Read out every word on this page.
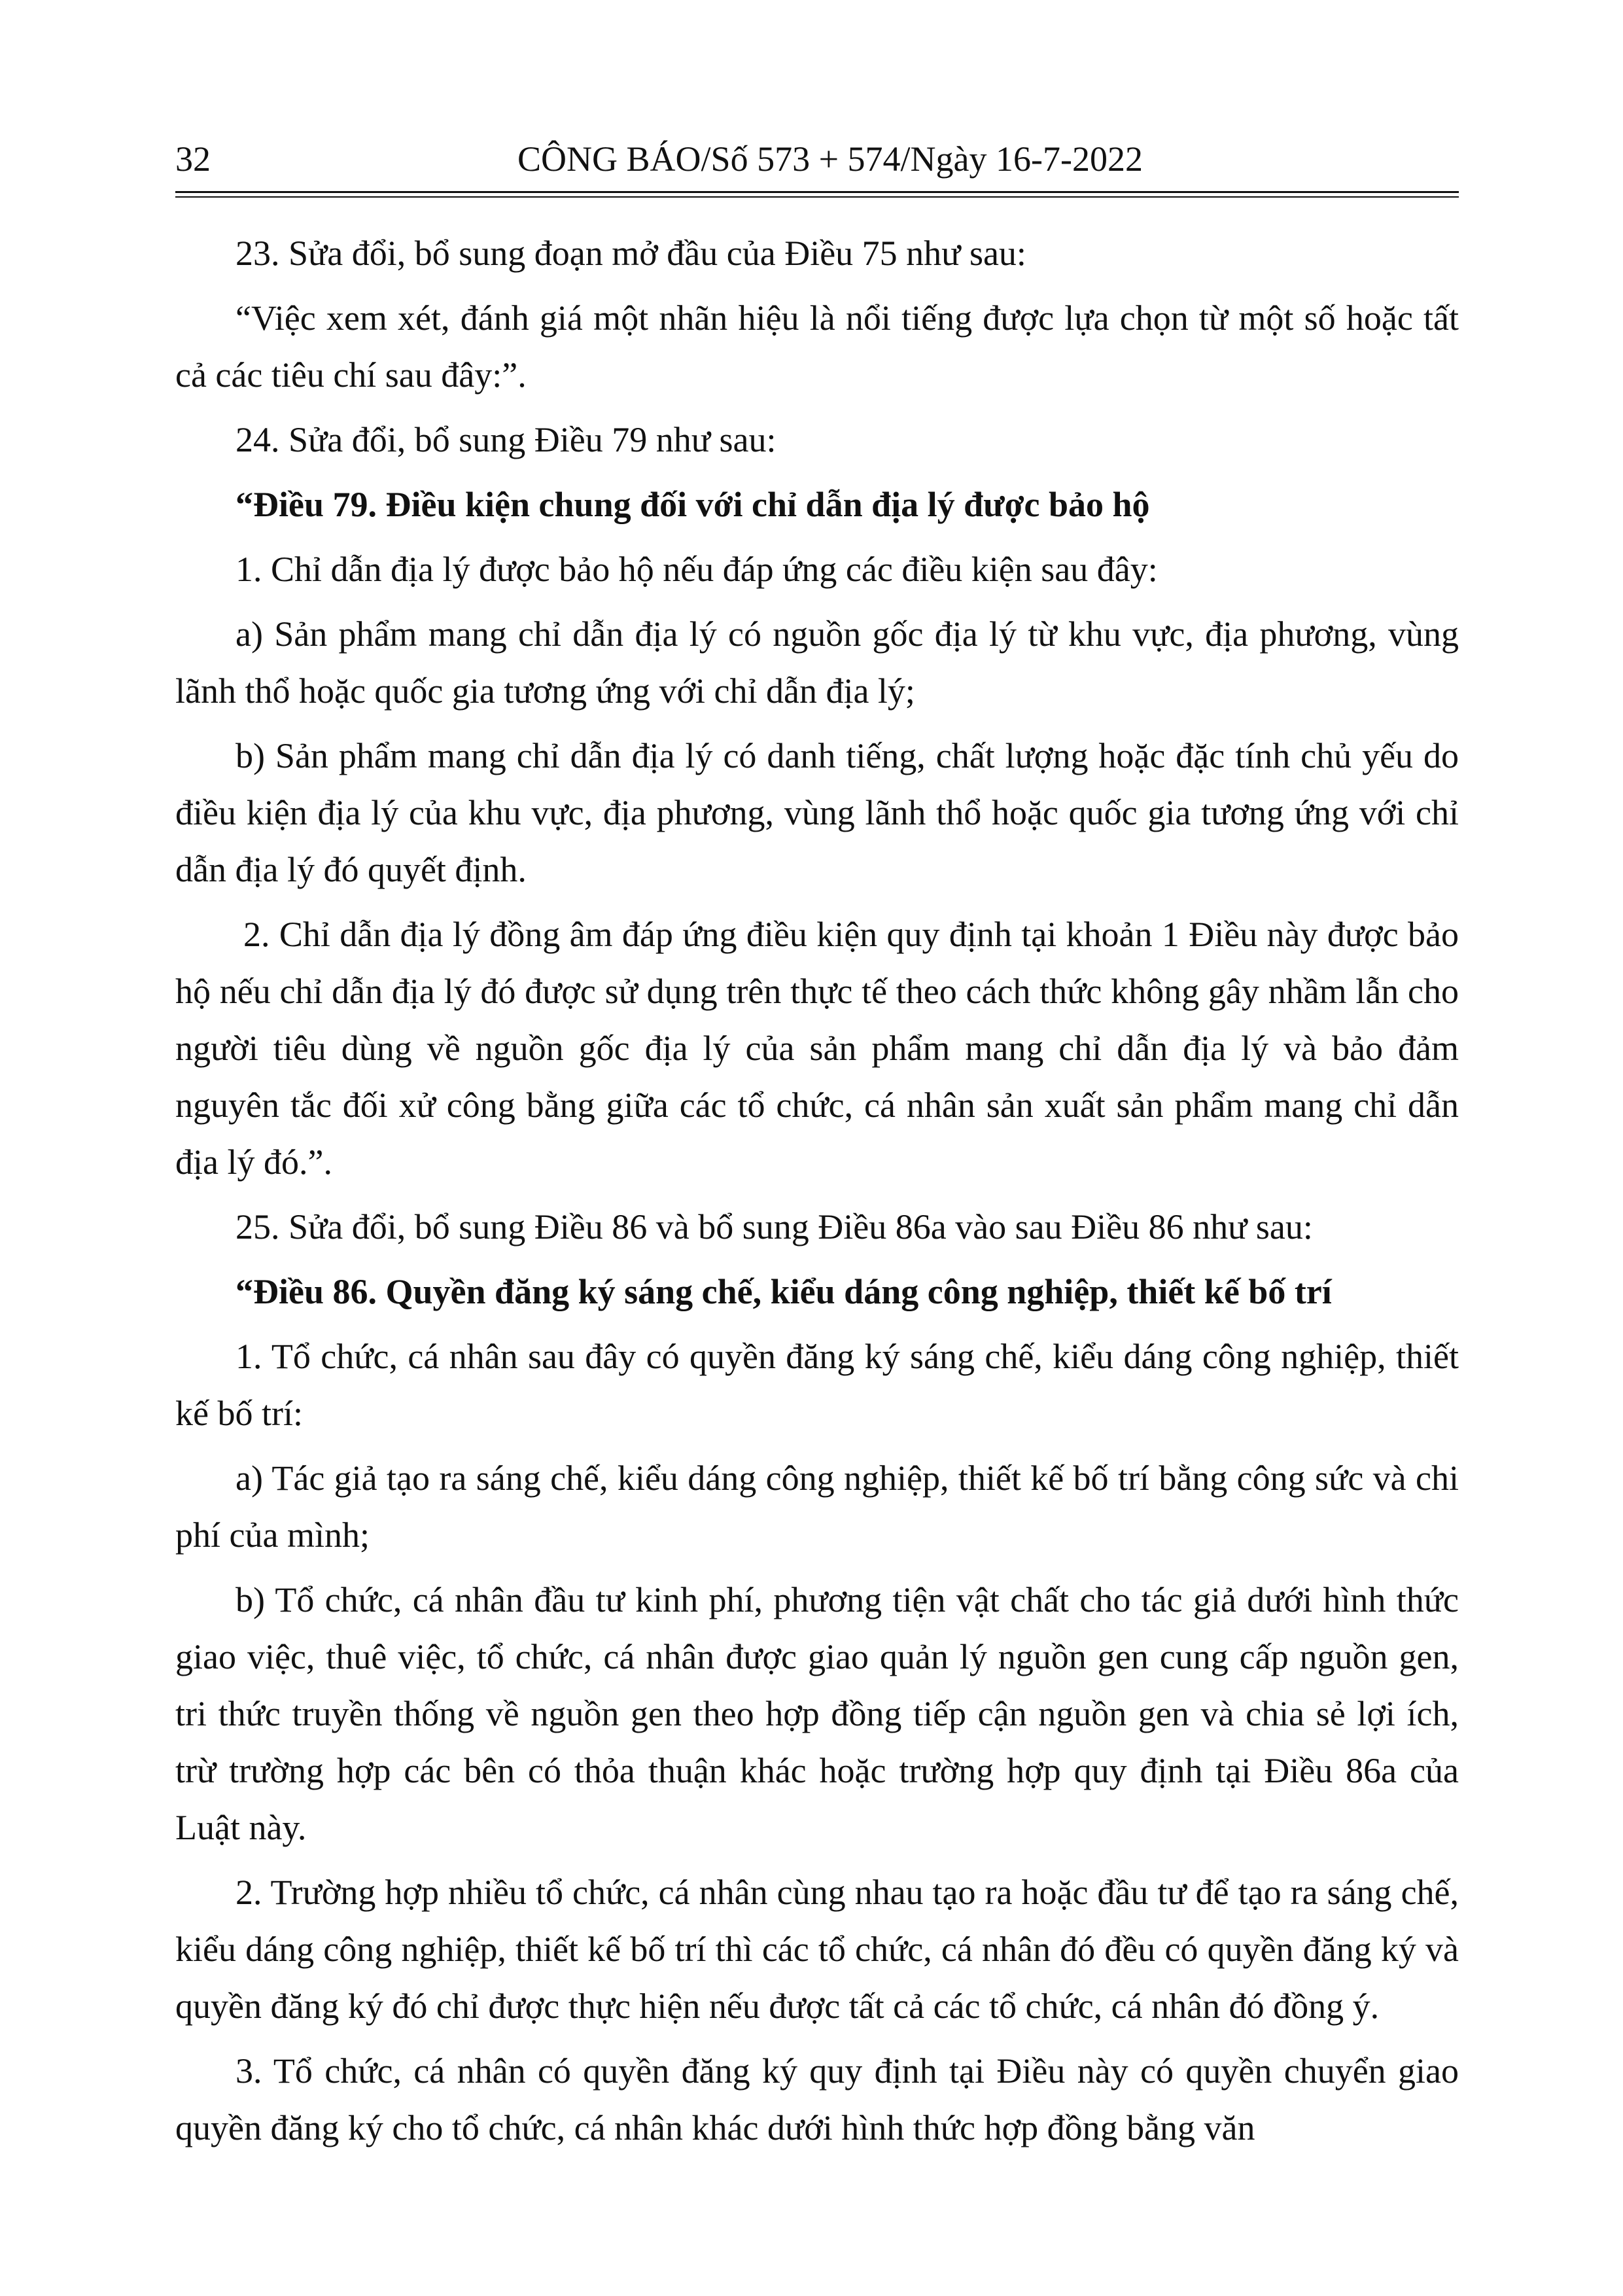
32	CÔNG BÁO/Số 573 + 574/Ngày 16-7-2022

23. Sửa đổi, bổ sung đoạn mở đầu của Điều 75 như sau:

“Việc xem xét, đánh giá một nhãn hiệu là nổi tiếng được lựa chọn từ một số hoặc tất cả các tiêu chí sau đây:”.

24. Sửa đổi, bổ sung Điều 79 như sau:

“Điều 79. Điều kiện chung đối với chỉ dẫn địa lý được bảo hộ

1. Chỉ dẫn địa lý được bảo hộ nếu đáp ứng các điều kiện sau đây:

a) Sản phẩm mang chỉ dẫn địa lý có nguồn gốc địa lý từ khu vực, địa phương, vùng lãnh thổ hoặc quốc gia tương ứng với chỉ dẫn địa lý;

b) Sản phẩm mang chỉ dẫn địa lý có danh tiếng, chất lượng hoặc đặc tính chủ yếu do điều kiện địa lý của khu vực, địa phương, vùng lãnh thổ hoặc quốc gia tương ứng với chỉ dẫn địa lý đó quyết định.

2. Chỉ dẫn địa lý đồng âm đáp ứng điều kiện quy định tại khoản 1 Điều này được bảo hộ nếu chỉ dẫn địa lý đó được sử dụng trên thực tế theo cách thức không gây nhầm lẫn cho người tiêu dùng về nguồn gốc địa lý của sản phẩm mang chỉ dẫn địa lý và bảo đảm nguyên tắc đối xử công bằng giữa các tổ chức, cá nhân sản xuất sản phẩm mang chỉ dẫn địa lý đó.”.

25. Sửa đổi, bổ sung Điều 86 và bổ sung Điều 86a vào sau Điều 86 như sau:

“Điều 86. Quyền đăng ký sáng chế, kiểu dáng công nghiệp, thiết kế bố trí

1. Tổ chức, cá nhân sau đây có quyền đăng ký sáng chế, kiểu dáng công nghiệp, thiết kế bố trí:

a) Tác giả tạo ra sáng chế, kiểu dáng công nghiệp, thiết kế bố trí bằng công sức và chi phí của mình;

b) Tổ chức, cá nhân đầu tư kinh phí, phương tiện vật chất cho tác giả dưới hình thức giao việc, thuê việc, tổ chức, cá nhân được giao quản lý nguồn gen cung cấp nguồn gen, tri thức truyền thống về nguồn gen theo hợp đồng tiếp cận nguồn gen và chia sẻ lợi ích, trừ trường hợp các bên có thỏa thuận khác hoặc trường hợp quy định tại Điều 86a của Luật này.

2. Trường hợp nhiều tổ chức, cá nhân cùng nhau tạo ra hoặc đầu tư để tạo ra sáng chế, kiểu dáng công nghiệp, thiết kế bố trí thì các tổ chức, cá nhân đó đều có quyền đăng ký và quyền đăng ký đó chỉ được thực hiện nếu được tất cả các tổ chức, cá nhân đó đồng ý.

3. Tổ chức, cá nhân có quyền đăng ký quy định tại Điều này có quyền chuyển giao quyền đăng ký cho tổ chức, cá nhân khác dưới hình thức hợp đồng bằng văn
